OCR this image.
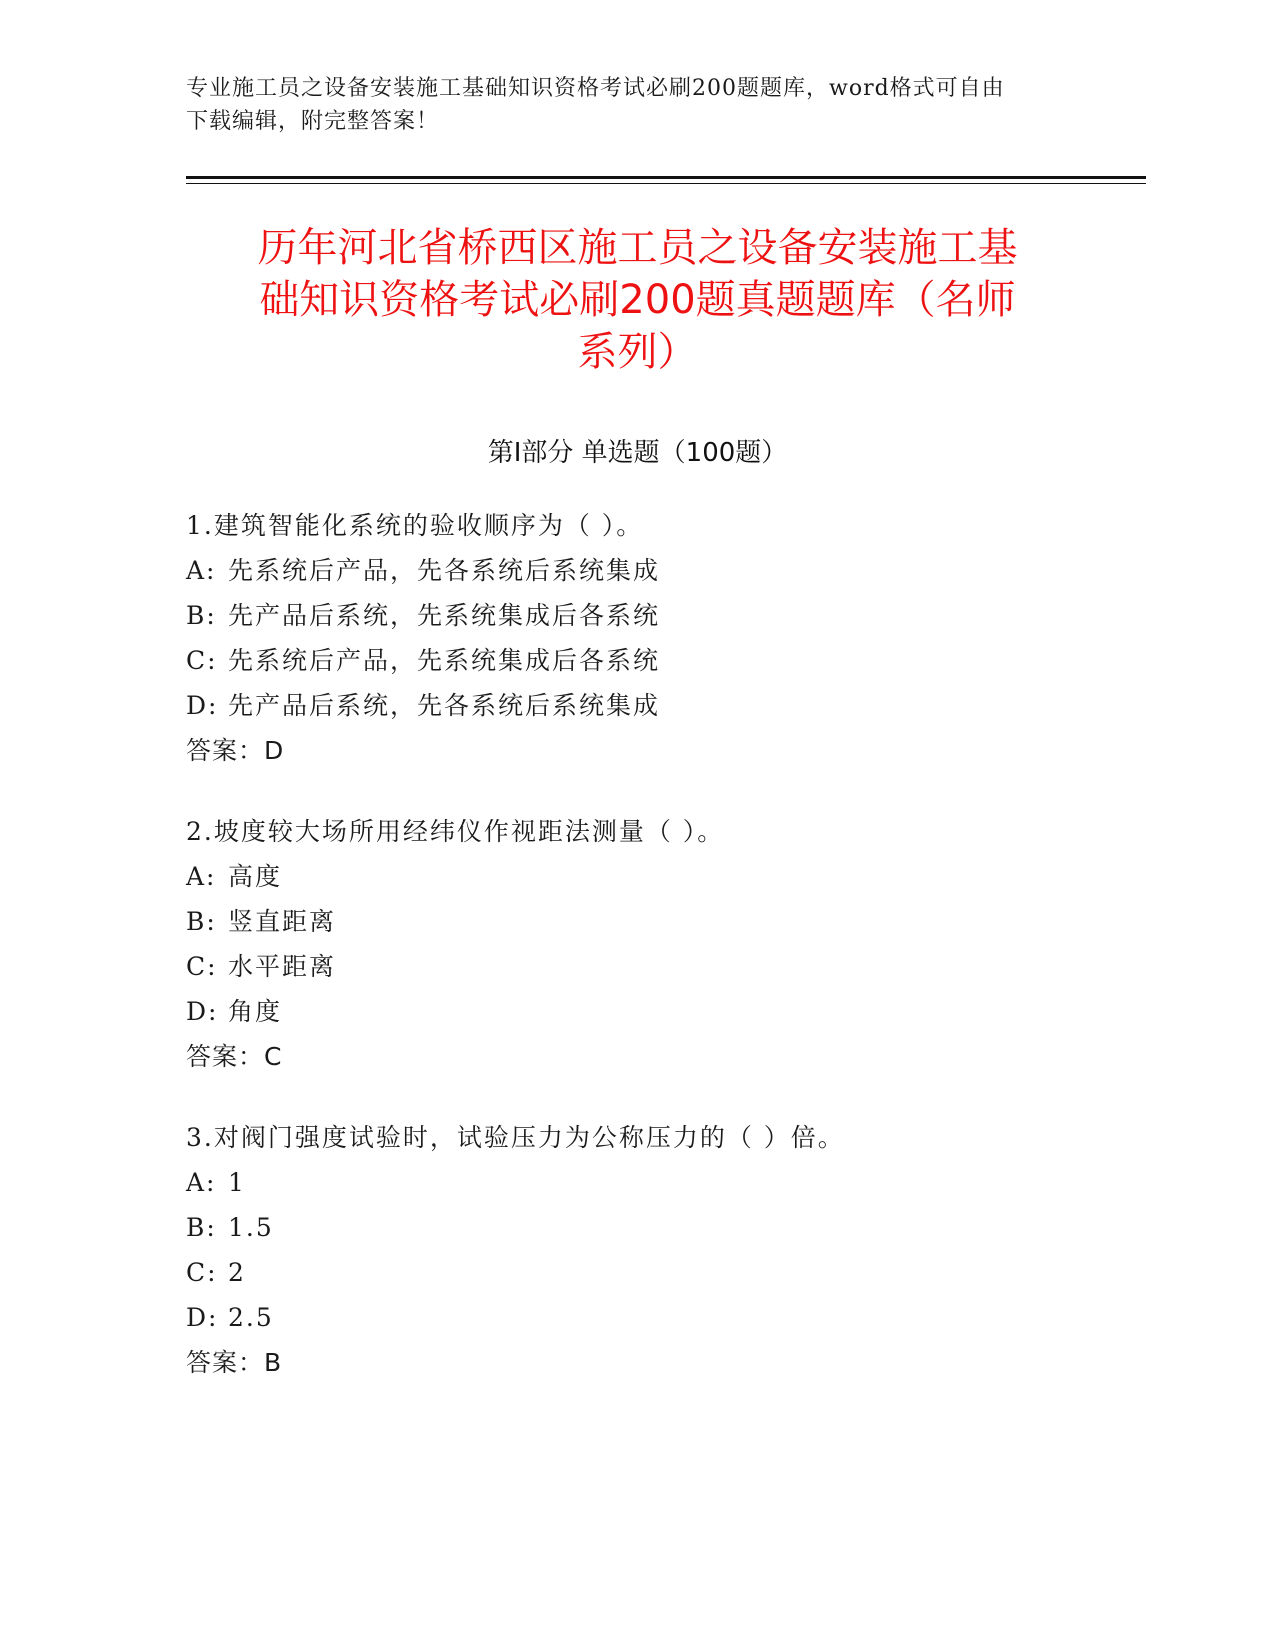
专业施工员之设备安装施工基础知识资格考试必刷200题题库，word格式可自由
下载编辑，附完整答案！
历年河北省桥西区施工员之设备安装施工基
础知识资格考试必刷200题真题题库（名师
系列）
第Ⅰ部分 单选题（100题）
1.建筑智能化系统的验收顺序为（ ）。
A: 先系统后产品，先各系统后系统集成
B: 先产品后系统，先系统集成后各系统
C: 先系统后产品，先系统集成后各系统
D: 先产品后系统，先各系统后系统集成
答案：D
2.坡度较大场所用经纬仪作视距法测量（ ）。
A: 高度
B: 竖直距离
C: 水平距离
D: 角度
答案：C
3.对阀门强度试验时，试验压力为公称压力的（ ）倍。
A: 1
B: 1.5
C: 2
D: 2.5
答案：B
